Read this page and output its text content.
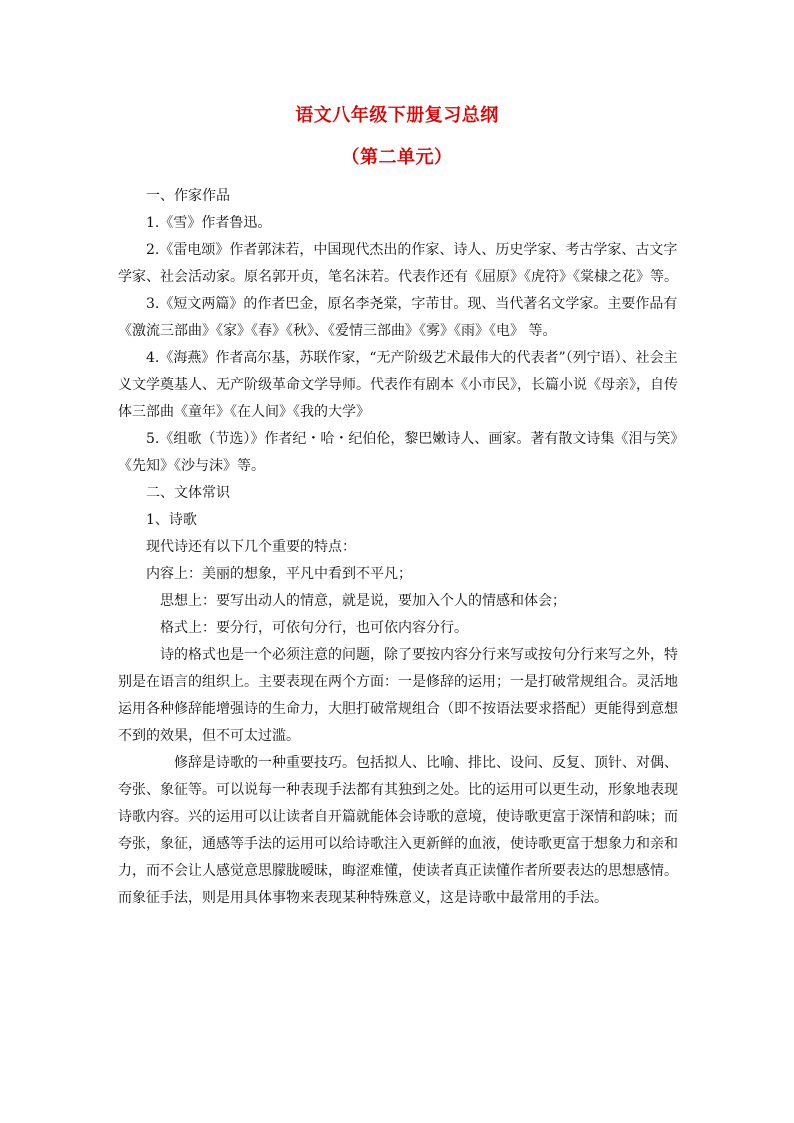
语文八年级下册复习总纲
（第二单元）

一、作家作品

1.《雪》作者鲁迅。

2.《雷电颂》作者郭沫若，中国现代杰出的作家、诗人、历史学家、考古学家、古文字学家、社会活动家。原名郭开贞，笔名沫若。代表作还有《屈原》《虎符》《棠棣之花》等。

3.《短文两篇》的作者巴金，原名李尧棠，字芾甘。现、当代著名文学家。主要作品有《激流三部曲》《家》《春》《秋》、《爱情三部曲》《雾》《雨》《电》 等。

4.《海燕》作者高尔基，苏联作家，“无产阶级艺术最伟大的代表者”（列宁语）、社会主义文学奠基人、无产阶级革命文学导师。代表作有剧本《小市民》，长篇小说《母亲》，自传体三部曲《童年》《在人间》《我的大学》

5.《组歌（节选）》作者纪・哈・纪伯伦，黎巴嫩诗人、画家。著有散文诗集《泪与笑》《先知》《沙与沫》等。

二、文体常识

1、诗歌

现代诗还有以下几个重要的特点：

内容上：美丽的想象，平凡中看到不平凡；

思想上：要写出动人的情意，就是说，要加入个人的情感和体会；

格式上：要分行，可依句分行，也可依内容分行。

诗的格式也是一个必须注意的问题，除了要按内容分行来写或按句分行来写之外，特别是在语言的组织上。主要表现在两个方面：一是修辞的运用；一是打破常规组合。灵活地运用各种修辞能增强诗的生命力，大胆打破常规组合（即不按语法要求搭配）更能得到意想不到的效果，但不可太过滥。

修辞是诗歌的一种重要技巧。包括拟人、比喻、排比、设问、反复、顶针、对偶、夸张、象征等。可以说每一种表现手法都有其独到之处。比的运用可以更生动，形象地表现诗歌内容。兴的运用可以让读者自开篇就能体会诗歌的意境，使诗歌更富于深情和韵味；而夸张，象征，通感等手法的运用可以给诗歌注入更新鲜的血液，使诗歌更富于想象力和亲和力，而不会让人感觉意思朦胧暧昧，晦涩难懂，使读者真正读懂作者所要表达的思想感情。而象征手法，则是用具体事物来表现某种特殊意义，这是诗歌中最常用的手法。
